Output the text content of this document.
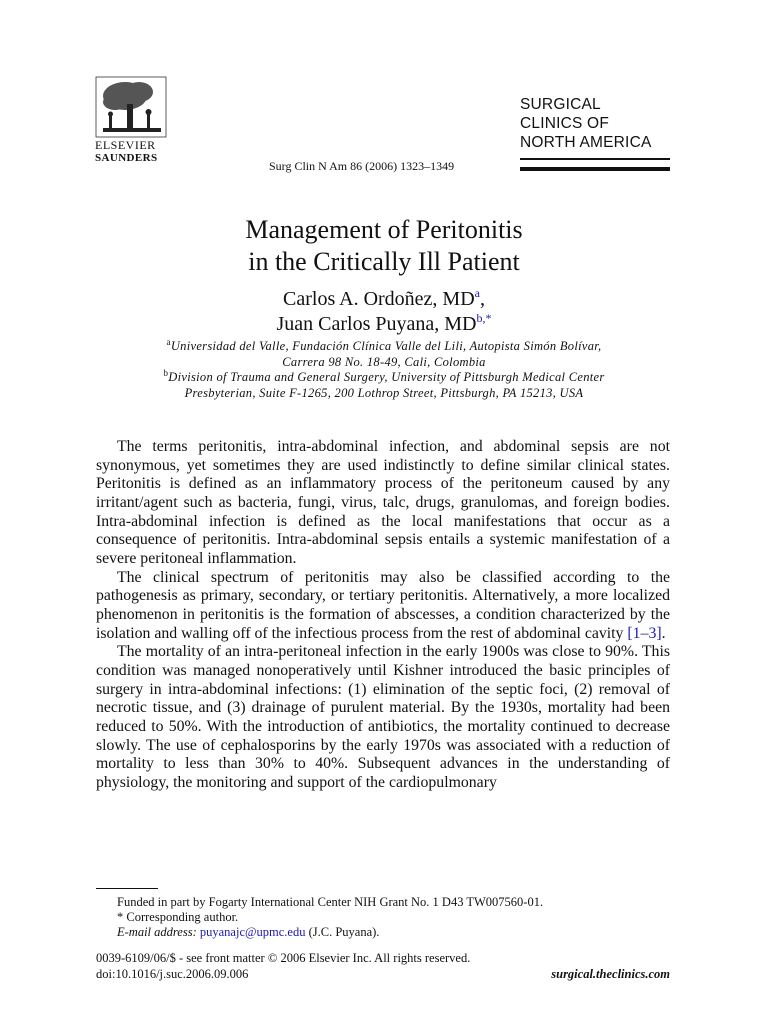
ELSEVIER
SAUNDERS
Surg Clin N Am 86 (2006) 1323–1349
SURGICAL
CLINICS OF
NORTH AMERICA
Management of Peritonitis
in the Critically Ill Patient
Carlos A. Ordoñez, $MD^a$,
Juan Carlos Puyana, $MD^{b,*}$
$^a$Universidad del Valle, Fundación Clínica Valle del Lili, Autopista Simón Bolívar,
Carrera 98 No. 18-49, Cali, Colombia
$^b$Division of Trauma and General Surgery, University of Pittsburgh Medical Center
Presbyterian, Suite F-1265, 200 Lothrop Street, Pittsburgh, PA 15213, USA

The terms peritonitis, intra-abdominal infection, and abdominal sepsis are not synonymous, yet sometimes they are used indistinctly to define similar clinical states. Peritonitis is defined as an inflammatory process of the peritoneum caused by any irritant/agent such as bacteria, fungi, virus, talc, drugs, granulomas, and foreign bodies. Intra-abdominal infection is defined as the local manifestations that occur as a consequence of peritonitis. Intra-abdominal sepsis entails a systemic manifestation of a severe peritoneal inflammation.

The clinical spectrum of peritonitis may also be classified according to the pathogenesis as primary, secondary, or tertiary peritonitis. Alternatively, a more localized phenomenon in peritonitis is the formation of abscesses, a condition characterized by the isolation and walling off of the infectious process from the rest of abdominal cavity [1–3].

The mortality of an intra-peritoneal infection in the early 1900s was close to 90%. This condition was managed nonoperatively until Kishner introduced the basic principles of surgery in intra-abdominal infections: (1) elimination of the septic foci, (2) removal of necrotic tissue, and (3) drainage of purulent material. By the 1930s, mortality had been reduced to 50%. With the introduction of antibiotics, the mortality continued to decrease slowly. The use of cephalosporins by the early 1970s was associated with a reduction of mortality to less than 30% to 40%. Subsequent advances in the understanding of physiology, the monitoring and support of the cardiopulmonary

Funded in part by Fogarty International Center NIH Grant No. 1 D43 TW007560-01.
* Corresponding author.
E-mail address: puyanajc@upmc.edu (J.C. Puyana).
0039-6109/06/$ - see front matter © 2006 Elsevier Inc. All rights reserved.
doi:10.1016/j.suc.2006.09.006	surgical.theclinics.com
